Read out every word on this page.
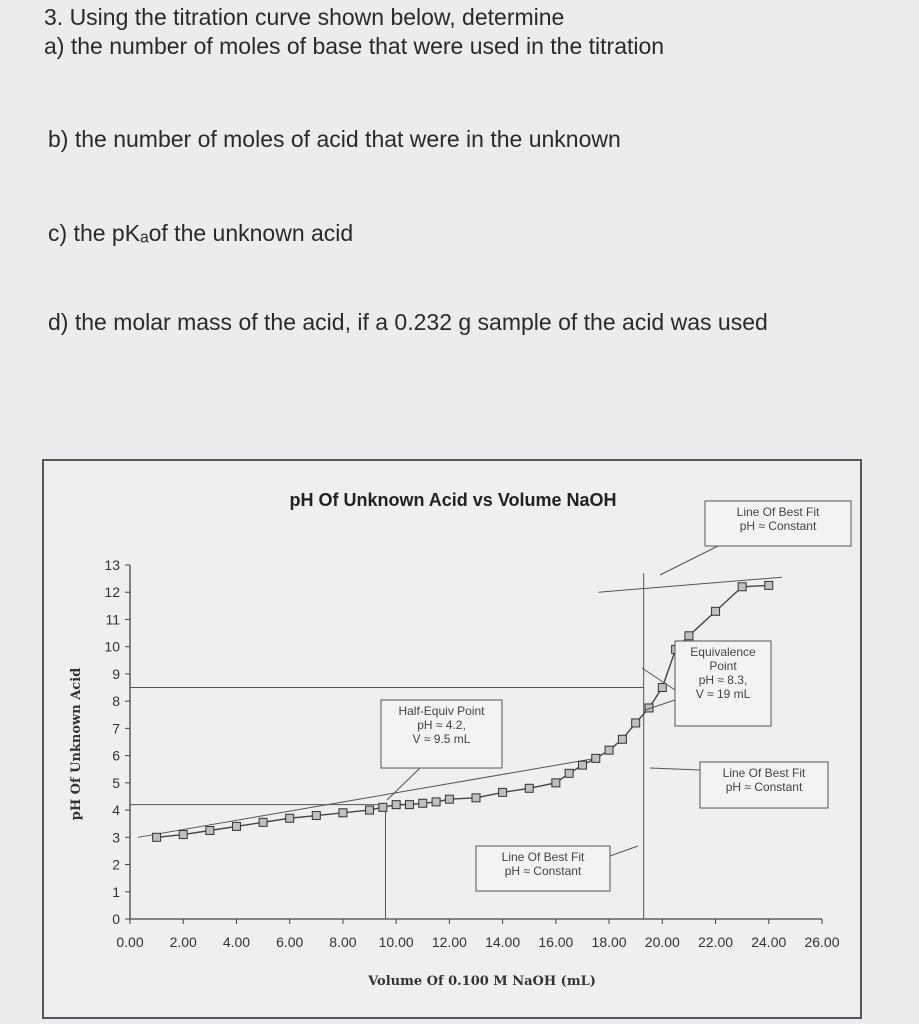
3. Using the titration curve shown below, determine
a) the number of moles of base that were used in the titration
b) the number of moles of acid that were in the unknown
c) the pKₐof the unknown acid
d) the molar mass of the acid, if a 0.232 g sample of the acid was used
pH Of Unknown Acid vs Volume NaOH
Volume Of 0.100 M NaOH (mL)
pH Of Unknown Acid
0
1
2
3
4
5
6
7
8
9
10
11
12
13
0.00 2.00 4.00 6.00 8.00 10.00 12.00 14.00 16.00 18.00 20.00 22.00 24.00 26.00
Line Of Best Fit
pH ≈ Constant
Equivalence
Point
pH ≈ 8.3,
V ≈ 19 mL
Half-Equiv Point
pH ≈ 4.2,
V ≈ 9.5 mL
Line Of Best Fit
pH ≈ Constant
Line Of Best Fit
pH ≈ Constant
